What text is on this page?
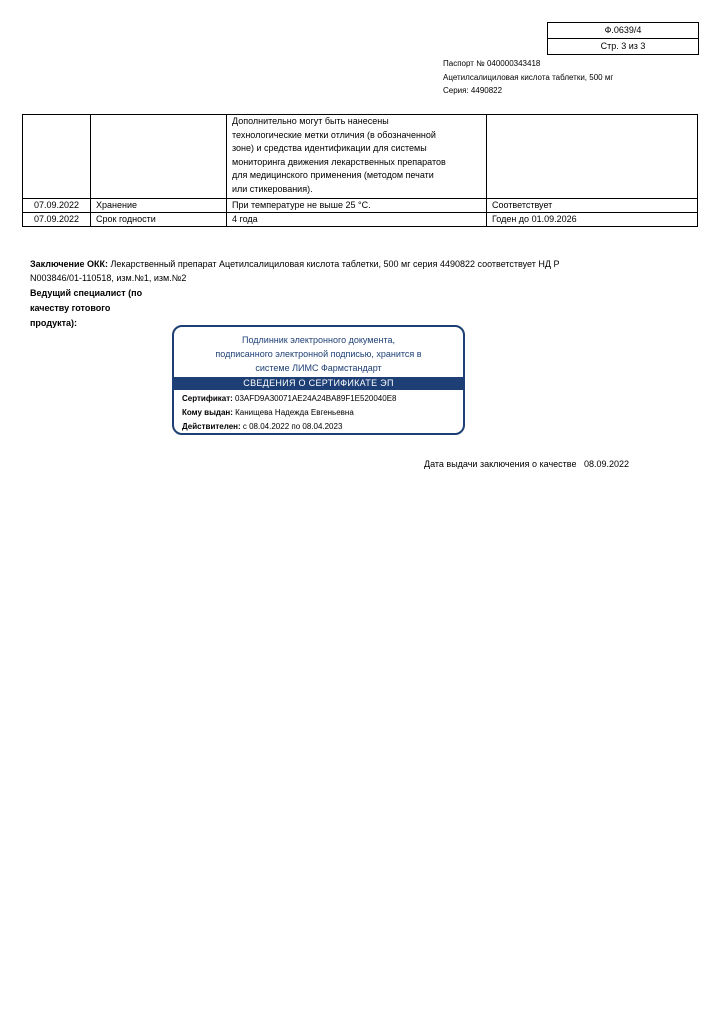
Ф.0639/4
Стр. 3 из 3
Паспорт № 040000343418
Ацетилсалициловая кислота таблетки, 500 мг
Серия: 4490822
		Дополнительно могут быть нанесены технологические метки отличия (в обозначенной зоне) и средства идентификации для системы мониторинга движения лекарственных препаратов для медицинского применения (методом печати или стикерования).	
07.09.2022	Хранение	При температуре не выше 25 °С.	Соответствует
07.09.2022	Срок годности	4 года	Годен до 01.09.2026
Заключение ОКК: Лекарственный препарат Ацетилсалициловая кислота таблетки, 500 мг серия 4490822 соответствует НД Р N003846/01-110518, изм.№1, изм.№2
Ведущий специалист (по
качеству готового
продукта):
Подлинник электронного документа,
подписанного электронной подписью, хранится в
системе ЛИМС Фармстандарт
СВЕДЕНИЯ О СЕРТИФИКАТЕ ЭП
Сертификат: 03AFD9A30071AE24A24BA89F1E520040E8
Кому выдан: Канищева Надежда Евгеньевна
Действителен: с 08.04.2022 по 08.04.2023
Дата выдачи заключения о качестве 08.09.2022
